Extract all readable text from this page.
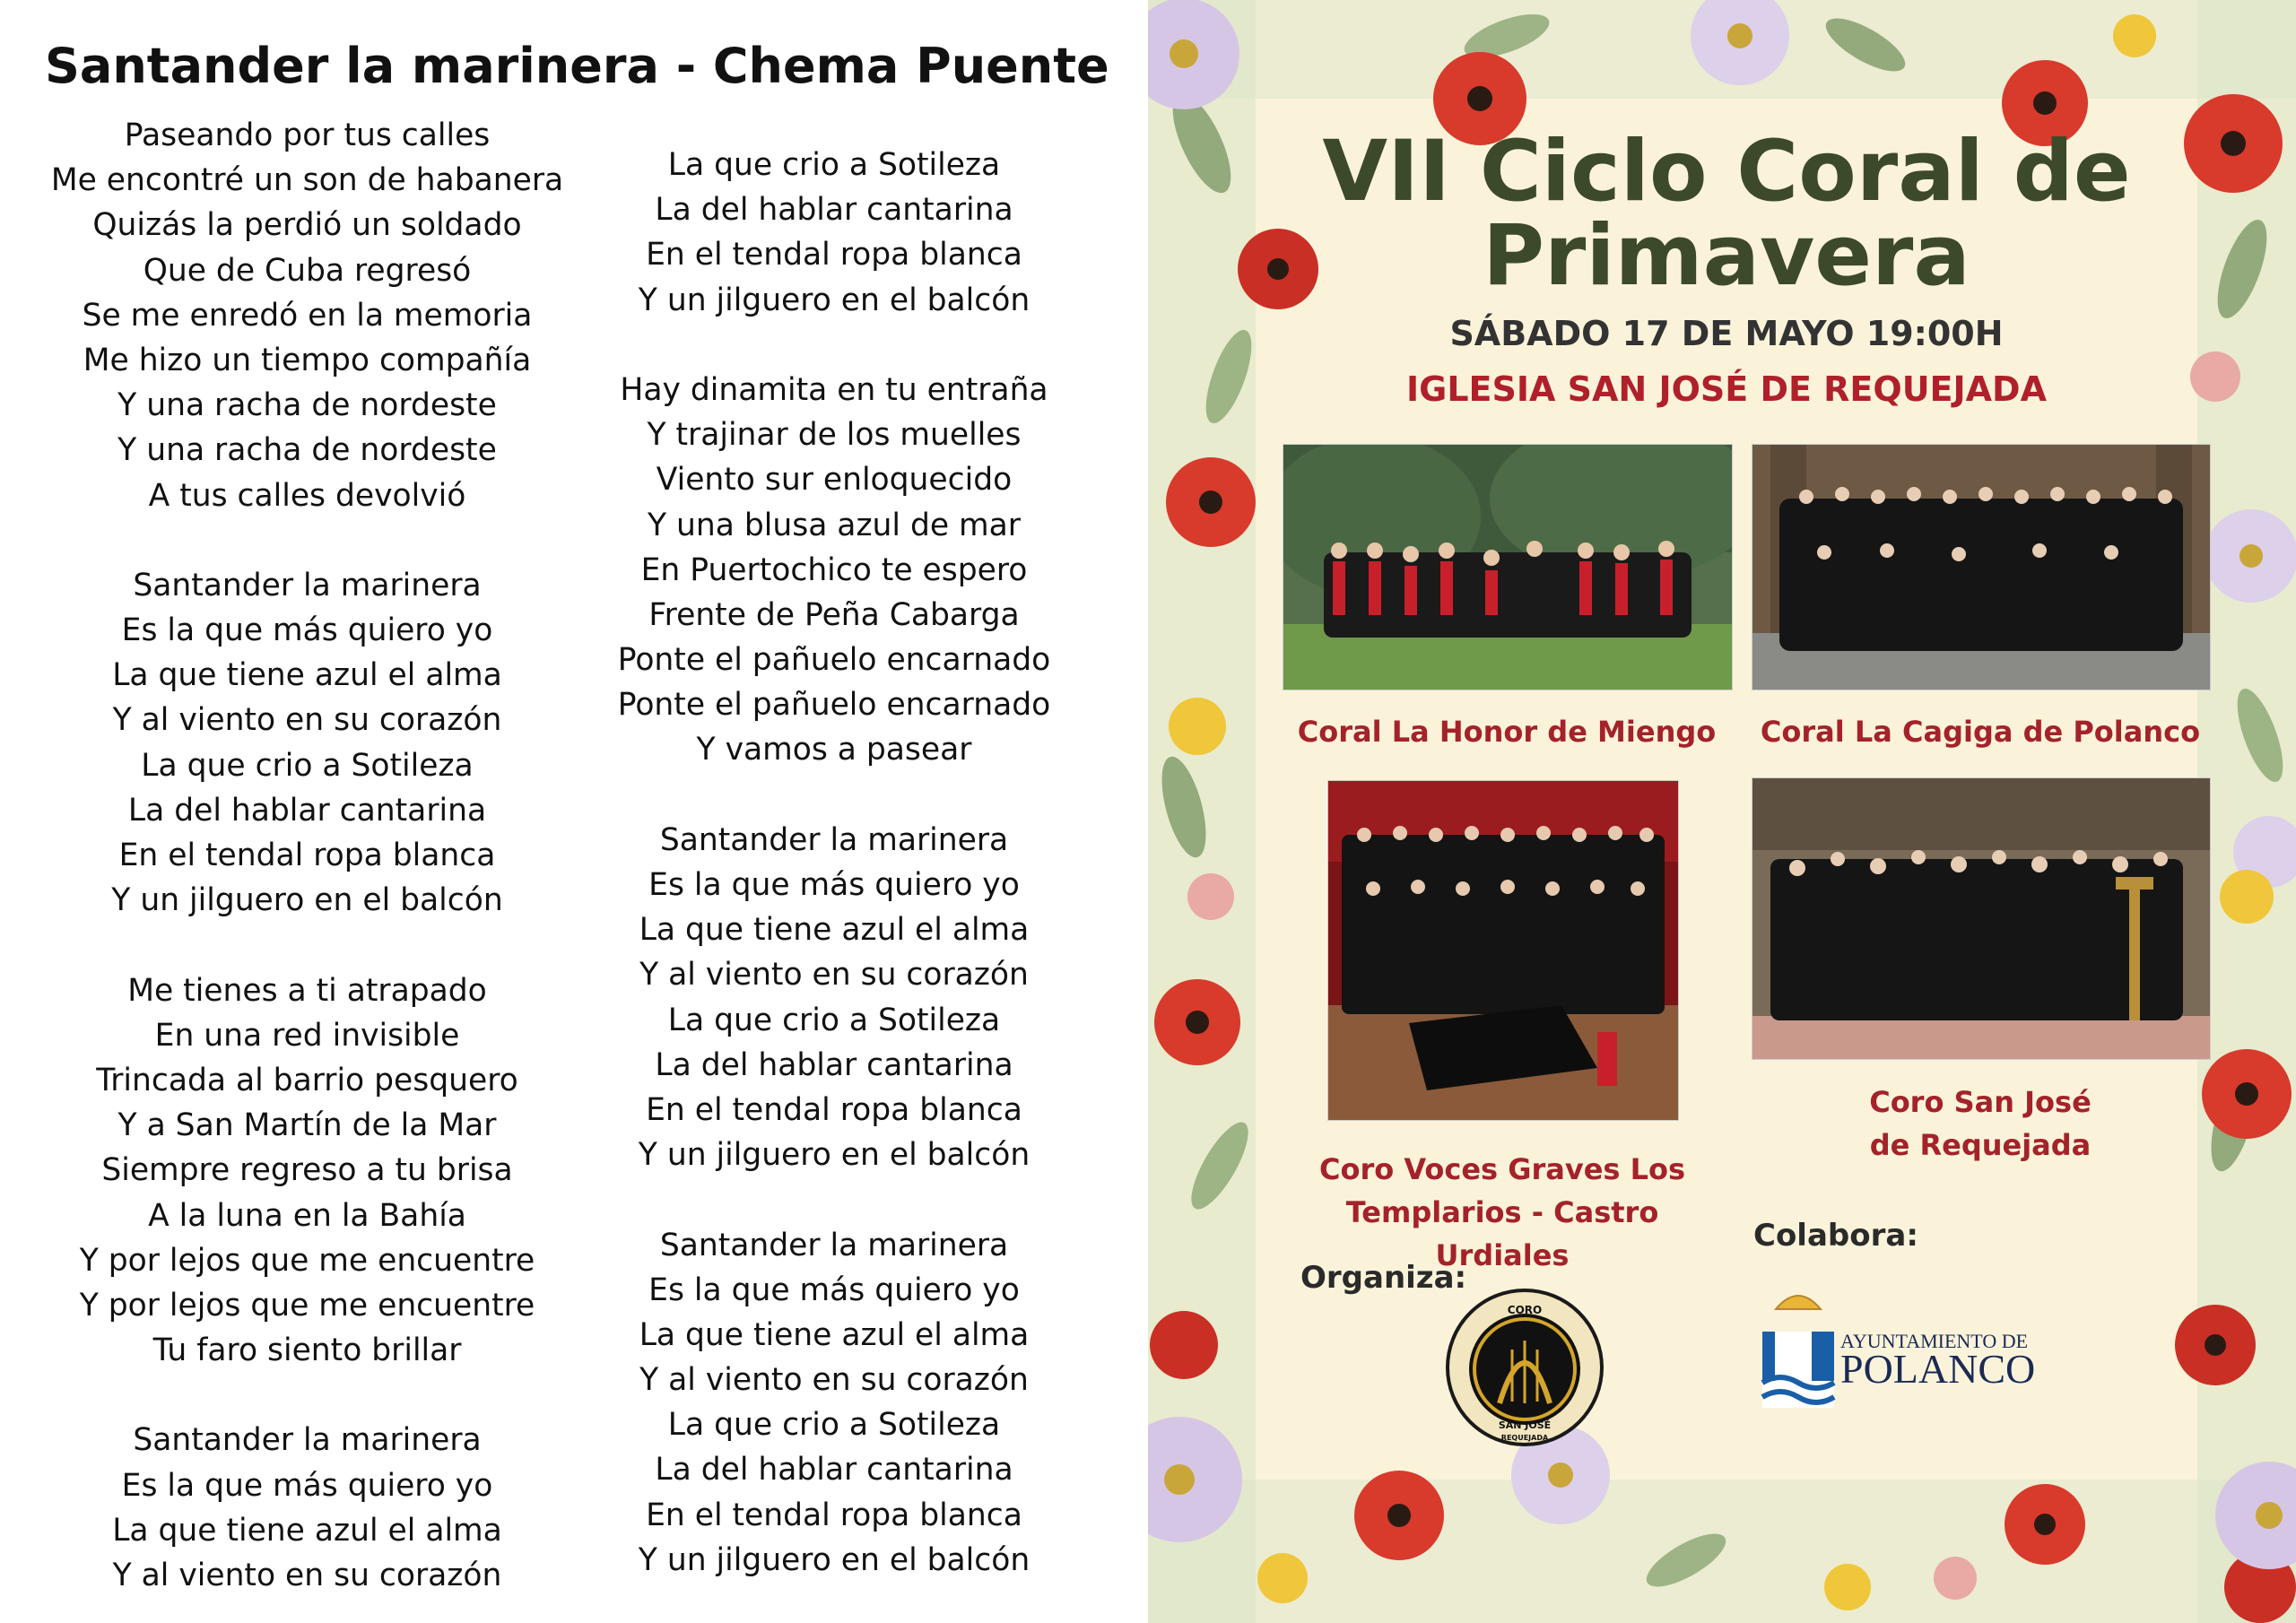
Santander la marinera - Chema Puente
Paseando por tus calles
Me encontré un son de habanera
Quizás la perdió un soldado
Que de Cuba regresó
Se me enredó en la memoria
Me hizo un tiempo compañía
Y una racha de nordeste
Y una racha de nordeste
A tus calles devolvió
Santander la marinera
Es la que más quiero yo
La que tiene azul el alma
Y al viento en su corazón
La que crio a Sotileza
La del hablar cantarina
En el tendal ropa blanca
Y un jilguero en el balcón
Me tienes a ti atrapado
En una red invisible
Trincada al barrio pesquero
Y a San Martín de la Mar
Siempre regreso a tu brisa
A la luna en la Bahía
Y por lejos que me encuentre
Y por lejos que me encuentre
Tu faro siento brillar
Santander la marinera
Es la que más quiero yo
La que tiene azul el alma
Y al viento en su corazón
La que crio a Sotileza
La del hablar cantarina
En el tendal ropa blanca
Y un jilguero en el balcón
Hay dinamita en tu entraña
Y trajinar de los muelles
Viento sur enloquecido
Y una blusa azul de mar
En Puertochico te espero
Frente de Peña Cabarga
Ponte el pañuelo encarnado
Ponte el pañuelo encarnado
Y vamos a pasear
Santander la marinera
Es la que más quiero yo
La que tiene azul el alma
Y al viento en su corazón
La que crio a Sotileza
La del hablar cantarina
En el tendal ropa blanca
Y un jilguero en el balcón
Santander la marinera
Es la que más quiero yo
La que tiene azul el alma
Y al viento en su corazón
La que crio a Sotileza
La del hablar cantarina
En el tendal ropa blanca
Y un jilguero en el balcón
VII Ciclo Coral de
Primavera
SÁBADO 17 DE MAYO 19:00H
IGLESIA SAN JOSÉ DE REQUEJADA
Coral La Honor de Miengo	Coral La Cagiga de Polanco
Coro Voces Graves Los
Templarios - Castro Urdiales
Coro San José
de Requejada
Organiza:
Colabora:
CORO
SAN JOSÉ
REQUEJADA
AYUNTAMIENTO DE
POLANCO
